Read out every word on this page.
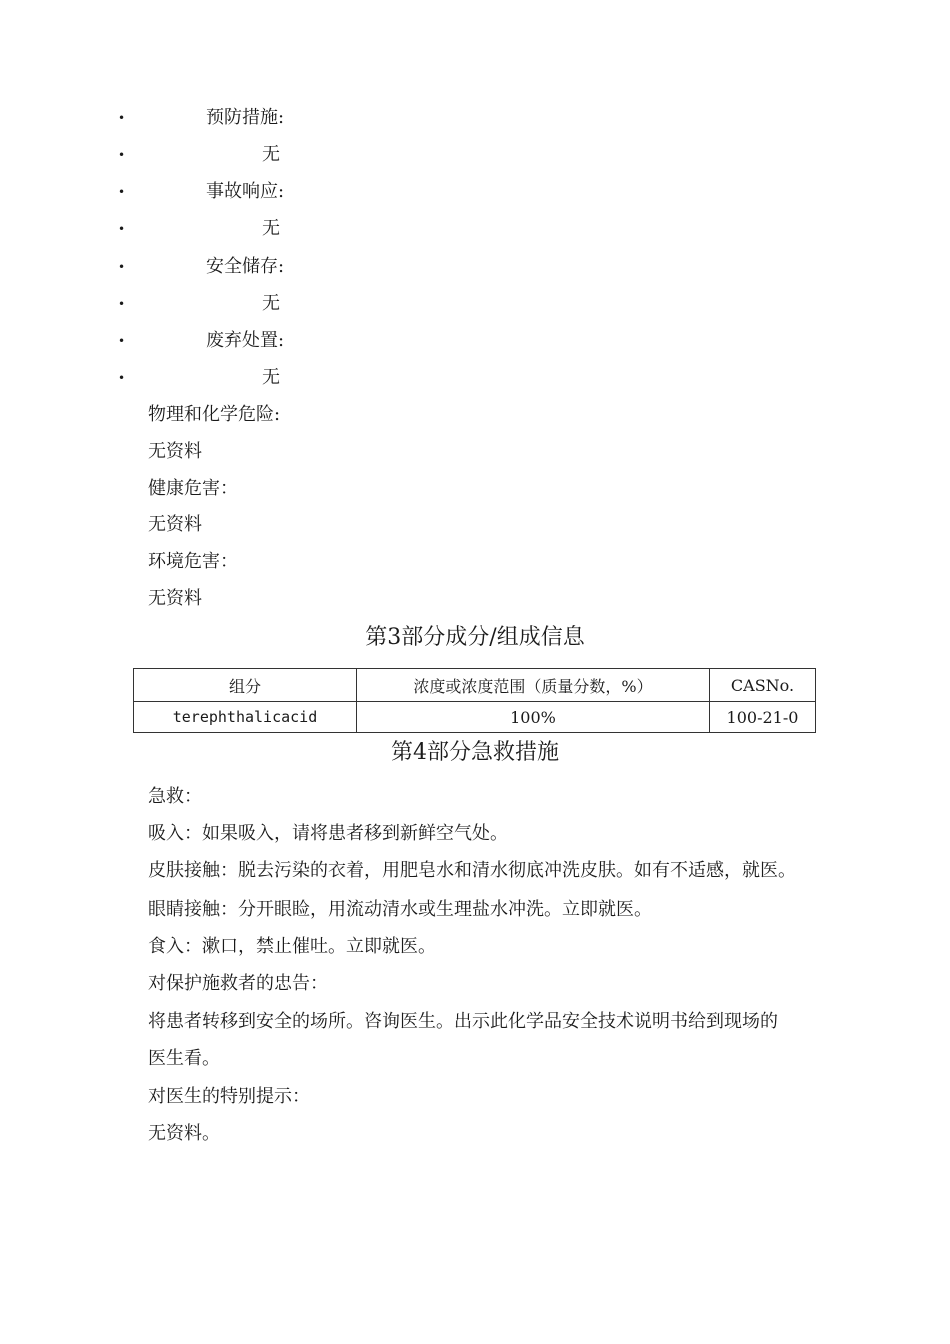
•	预防措施:
•	无
•	事故响应:
•	无
•	安全储存:
•	无
•	废弃处置:
•	无
物理和化学危险:
无资料
健康危害：
无资料
环境危害：
无资料
第3部分成分/组成信息
组分	浓度或浓度范围（质量分数，%）	CASNo.
terephthalicacid	100%	100-21-0
第4部分急救措施
急救：
吸入：如果吸入，请将患者移到新鲜空气处。
皮肤接触：脱去污染的衣着，用肥皂水和清水彻底冲洗皮肤。如有不适感，就医。
眼睛接触：分开眼睑，用流动清水或生理盐水冲洗。立即就医。
食入：漱口，禁止催吐。立即就医。
对保护施救者的忠告：
将患者转移到安全的场所。咨询医生。出示此化学品安全技术说明书给到现场的
医生看。
对医生的特别提示：
无资料。
